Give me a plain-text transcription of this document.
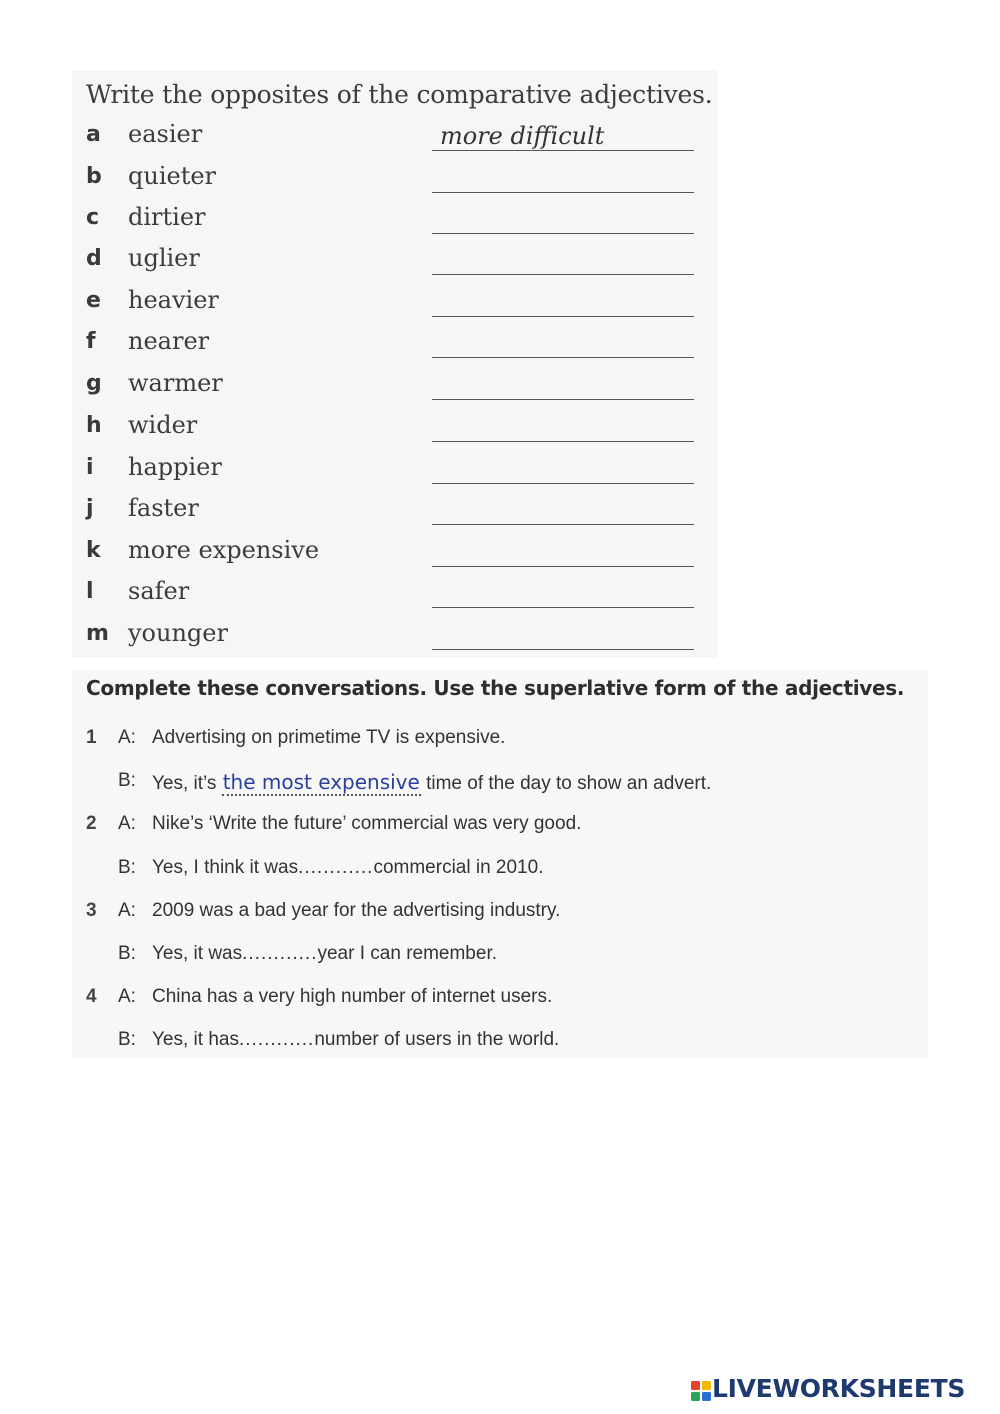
Write the opposites of the comparative adjectives.
a easier	more difficult
b quieter
c dirtier
d uglier
e heavier
f nearer
g warmer
h wider
i happier
j faster
k more expensive
l safer
m younger
Complete these conversations. Use the superlative form of the adjectives.
1 A: Advertising on primetime TV is expensive.
B: Yes, it’s the most expensive time of the day to show an advert.
2 A: Nike’s ‘Write the future’ commercial was very good.
B: Yes, I think it was............commercial in 2010.
3 A: 2009 was a bad year for the advertising industry.
B: Yes, it was............year I can remember.
4 A: China has a very high number of internet users.
B: Yes, it has............number of users in the world.
LIVEWORKSHEETS
